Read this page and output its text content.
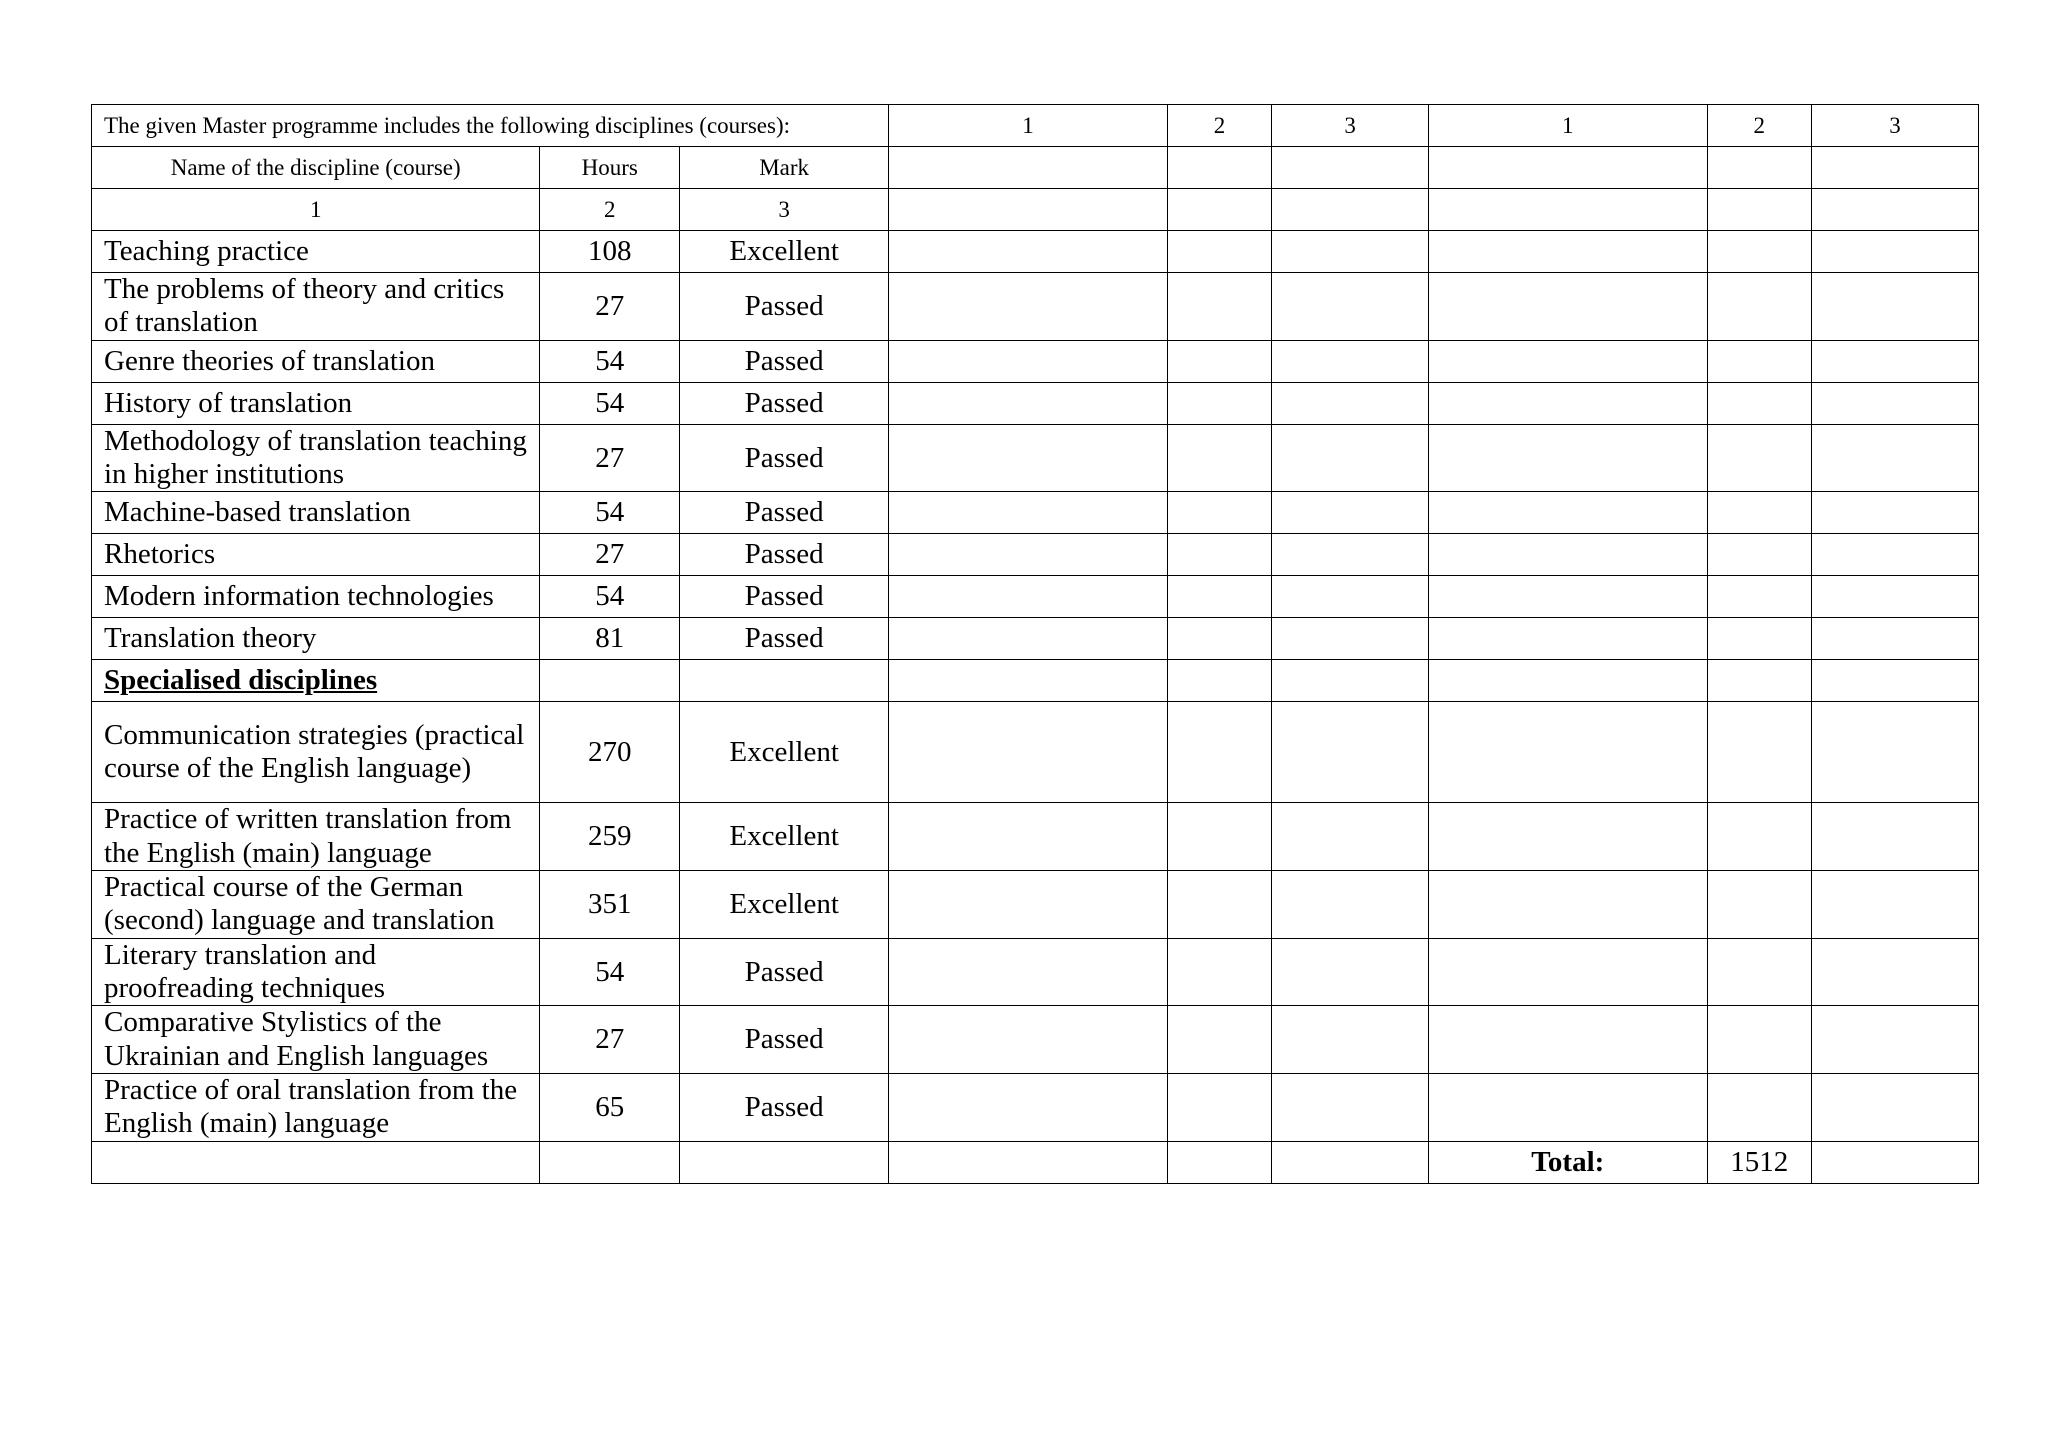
The given Master programme includes the following disciplines (courses):			1	2	3	1	2	3
Name of the discipline (course)	Hours	Mark						
1	2	3						
Teaching practice	108	Excellent						
The problems of theory and critics of translation	27	Passed						
Genre theories of translation	54	Passed						
History of translation	54	Passed						
Methodology of translation teaching in higher institutions	27	Passed						
Machine-based translation	54	Passed						
Rhetorics	27	Passed						
Modern information technologies	54	Passed						
Translation theory	81	Passed						
Specialised disciplines								
Communication strategies (practical course of the English language)	270	Excellent						
Practice of written translation from the English (main) language	259	Excellent						
Practical course of the German (second) language and translation	351	Excellent						
Literary translation and proofreading techniques	54	Passed						
Comparative Stylistics of the Ukrainian and English languages	27	Passed						
Practice of oral translation from the English (main) language	65	Passed						
						Total:	1512	
